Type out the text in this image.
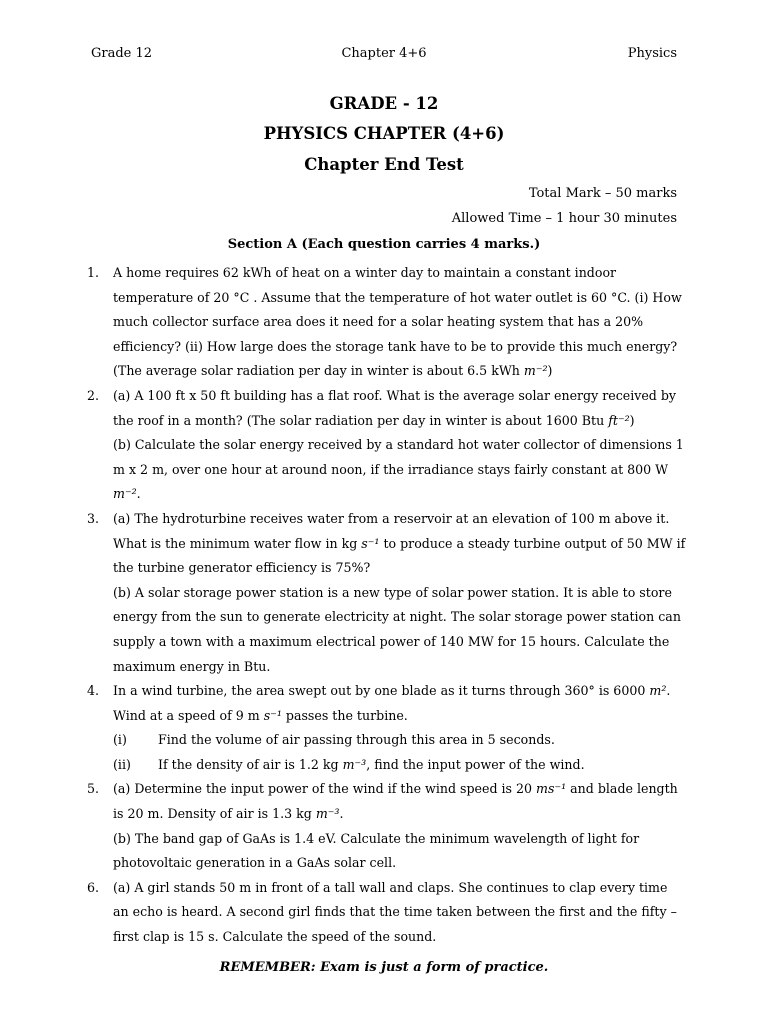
Grade 12	Chapter 4+6	Physics
GRADE - 12
PHYSICS CHAPTER (4+6)
Chapter End Test
Total Mark – 50 marks
Allowed Time – 1 hour 30 minutes
Section A (Each question carries 4 marks.)
1.	A home requires 62 kWh of heat on a winter day to maintain a constant indoor temperature of 20 °C . Assume that the temperature of hot water outlet is 60 °C. (i) How much collector surface area does it need for a solar heating system that has a 20% efficiency? (ii) How large does the storage tank have to be to provide this much energy? (The average solar radiation per day in winter is about 6.5 kWh m⁻²)

2.	(a) A 100 ft x 50 ft building has a flat roof. What is the average solar energy received by the roof in a month? (The solar radiation per day in winter is about 1600 Btu ft⁻²)

(b) Calculate the solar energy received by a standard hot water collector of dimensions 1 m x 2 m, over one hour at around noon, if the irradiance stays fairly constant at 800 W m⁻².

3.	(a) The hydroturbine receives water from a reservoir at an elevation of 100 m above it. What is the minimum water flow in kg s⁻¹ to produce a steady turbine output of 50 MW if the turbine generator efficiency is 75%?

(b) A solar storage power station is a new type of solar power station. It is able to store energy from the sun to generate electricity at night. The solar storage power station can supply a town with a maximum electrical power of 140 MW for 15 hours. Calculate the maximum energy in Btu.

4.	In a wind turbine, the area swept out by one blade as it turns through 360° is 6000 m².

Wind at a speed of 9 m s⁻¹ passes the turbine.

(i)	Find the volume of air passing through this area in 5 seconds.
(ii)	If the density of air is 1.2 kg m⁻³, find the input power of the wind.
5.	(a) Determine the input power of the wind if the wind speed is 20 ms⁻¹ and blade length is 20 m. Density of air is 1.3 kg m⁻³.

(b) The band gap of GaAs is 1.4 eV. Calculate the minimum wavelength of light for photovoltaic generation in a GaAs solar cell.

6.	(a) A girl stands 50 m in front of a tall wall and claps. She continues to clap every time an echo is heard. A second girl finds that the time taken between the first and the fifty – first clap is 15 s. Calculate the speed of the sound.

REMEMBER: Exam is just a form of practice.
